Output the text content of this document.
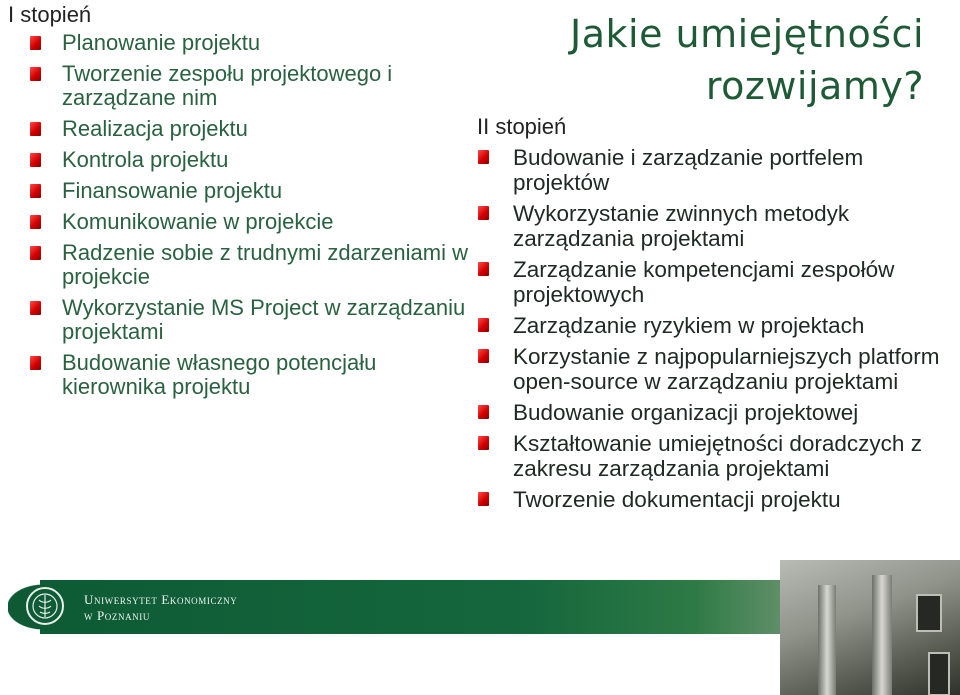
Jakie umiejętności rozwijamy?
I stopień
Planowanie projektu
Tworzenie zespołu projektowego i zarządzane nim
Realizacja projektu
Kontrola projektu
Finansowanie projektu
Komunikowanie w projekcie
Radzenie sobie z trudnymi zdarzeniami w projekcie
Wykorzystanie MS Project w zarządzaniu projektami
Budowanie własnego potencjału kierownika projektu
II stopień
Budowanie i zarządzanie portfelem projektów
Wykorzystanie zwinnych metodyk zarządzania projektami
Zarządzanie kompetencjami zespołów projektowych
Zarządzanie ryzykiem w projektach
Korzystanie z najpopularniejszych platform open-source w zarządzaniu projektami
Budowanie organizacji projektowej
Kształtowanie umiejętności doradczych z zakresu zarządzania projektami
Tworzenie dokumentacji projektu
Uniwersytet Ekonomiczny
w Poznaniu
